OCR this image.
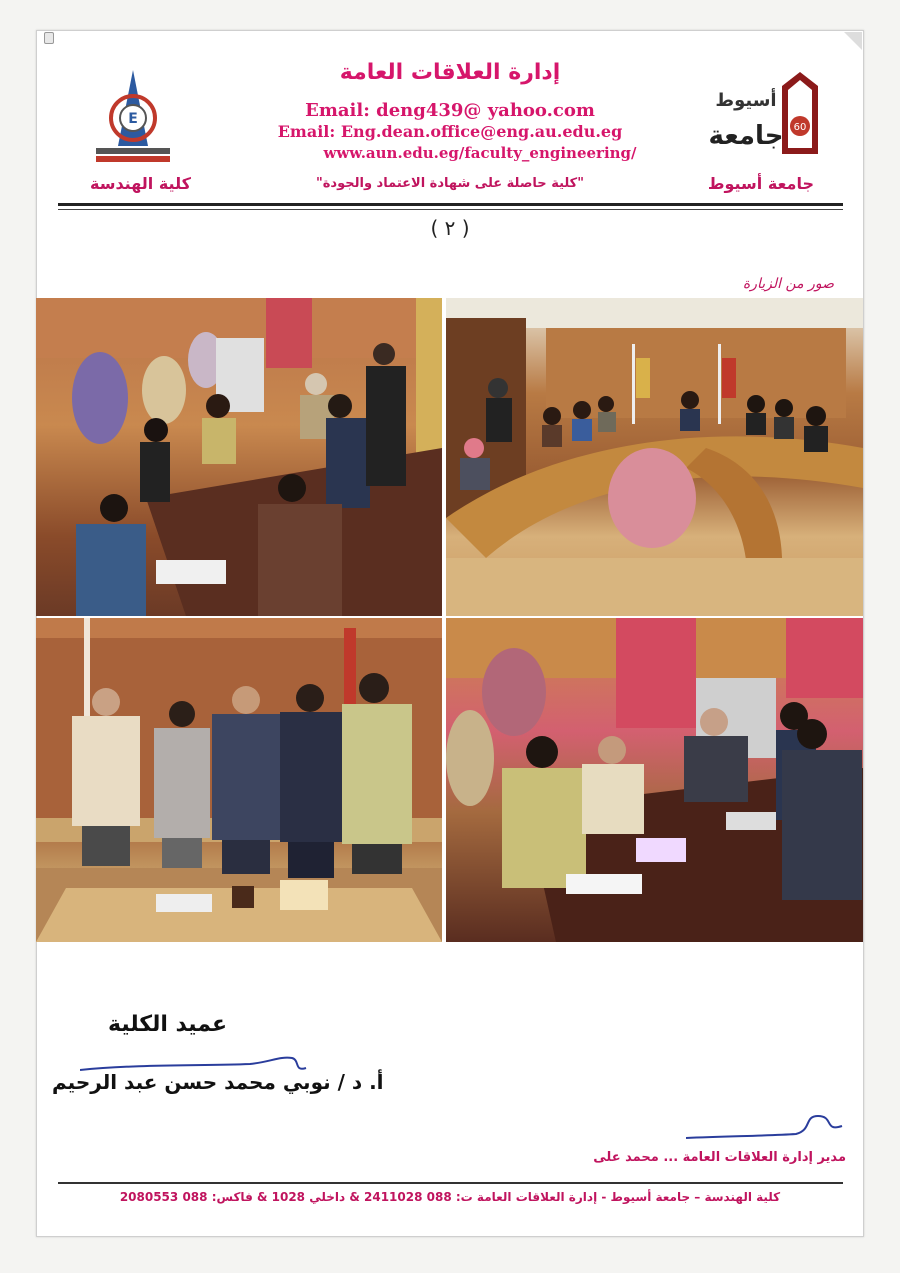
60
أسيوط
جامعة
E
إدارة العلاقات العامة
Email: deng439@ yahoo.com
Email: Eng.dean.office@eng.au.edu.eg
www.aun.edu.eg/faculty_engineering/
جامعة أسيوط
كلية الهندسة	"كلية حاصلة على شهادة الاعتماد والجودة"
( ٢ )
صور من الزيارة
عميد الكلية
أ. د / نوبي محمد حسن عبد الرحيم
مدير إدارة العلاقات العامة ... محمد على
كلية الهندسة – جامعة أسيوط - إدارة العلاقات العامة ت: 088 2411028 & داخلي 1028 & فاكس: 088 2080553
